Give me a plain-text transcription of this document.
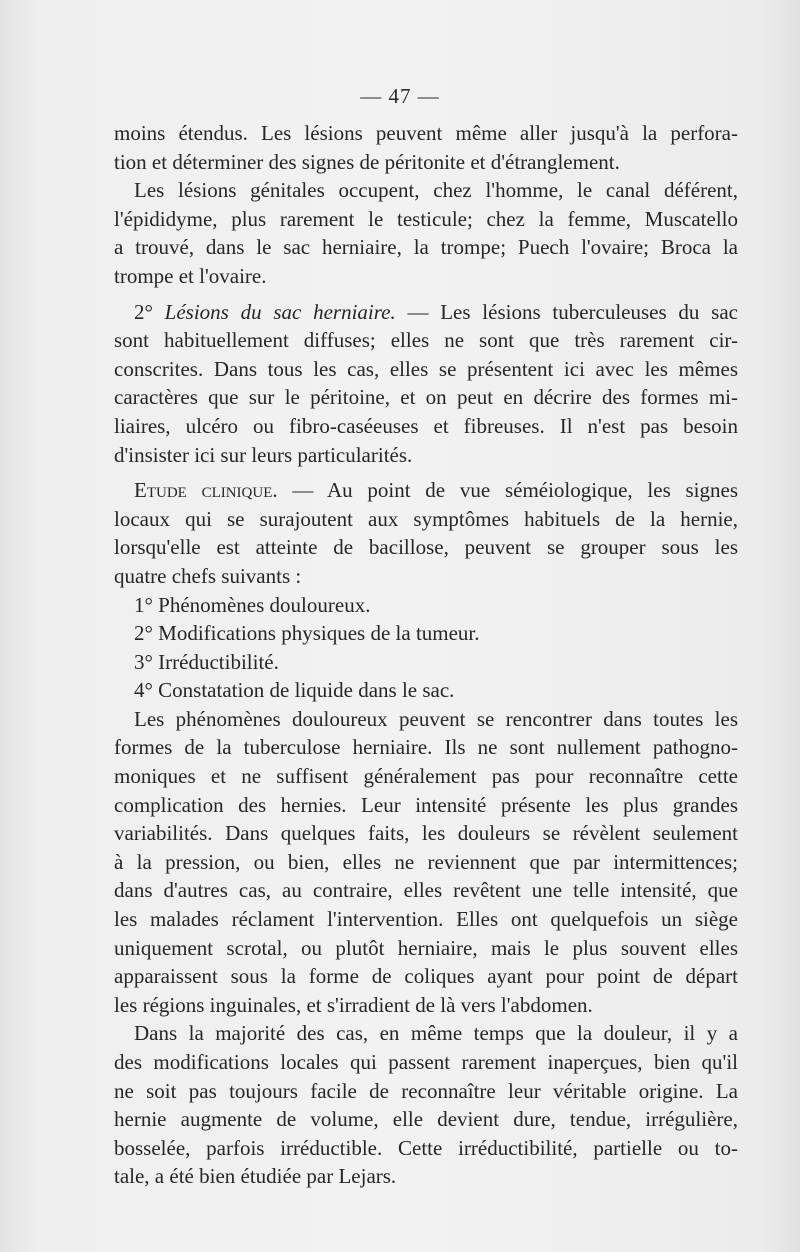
— 47 —
moins étendus. Les lésions peuvent même aller jusqu'à la perfora-
tion et déterminer des signes de péritonite et d'étranglement.
Les lésions génitales occupent, chez l'homme, le canal déférent,
l'épididyme, plus rarement le testicule; chez la femme, Muscatello
a trouvé, dans le sac herniaire, la trompe; Puech l'ovaire; Broca la
trompe et l'ovaire.
2° Lésions du sac herniaire. — Les lésions tuberculeuses du sac
sont habituellement diffuses; elles ne sont que très rarement cir-
conscrites. Dans tous les cas, elles se présentent ici avec les mêmes
caractères que sur le péritoine, et on peut en décrire des formes mi-
liaires, ulcéro ou fibro-caséeuses et fibreuses. Il n'est pas besoin
d'insister ici sur leurs particularités.
Etude clinique. — Au point de vue séméiologique, les signes
locaux qui se surajoutent aux symptômes habituels de la hernie,
lorsqu'elle est atteinte de bacillose, peuvent se grouper sous les
quatre chefs suivants :
1° Phénomènes douloureux.
2° Modifications physiques de la tumeur.
3° Irréductibilité.
4° Constatation de liquide dans le sac.
Les phénomènes douloureux peuvent se rencontrer dans toutes les
formes de la tuberculose herniaire. Ils ne sont nullement pathogno-
moniques et ne suffisent généralement pas pour reconnaître cette
complication des hernies. Leur intensité présente les plus grandes
variabilités. Dans quelques faits, les douleurs se révèlent seulement
à la pression, ou bien, elles ne reviennent que par intermittences;
dans d'autres cas, au contraire, elles revêtent une telle intensité, que
les malades réclament l'intervention. Elles ont quelquefois un siège
uniquement scrotal, ou plutôt herniaire, mais le plus souvent elles
apparaissent sous la forme de coliques ayant pour point de départ
les régions inguinales, et s'irradient de là vers l'abdomen.
Dans la majorité des cas, en même temps que la douleur, il y a
des modifications locales qui passent rarement inaperçues, bien qu'il
ne soit pas toujours facile de reconnaître leur véritable origine. La
hernie augmente de volume, elle devient dure, tendue, irrégulière,
bosselée, parfois irréductible. Cette irréductibilité, partielle ou to-
tale, a été bien étudiée par Lejars.
